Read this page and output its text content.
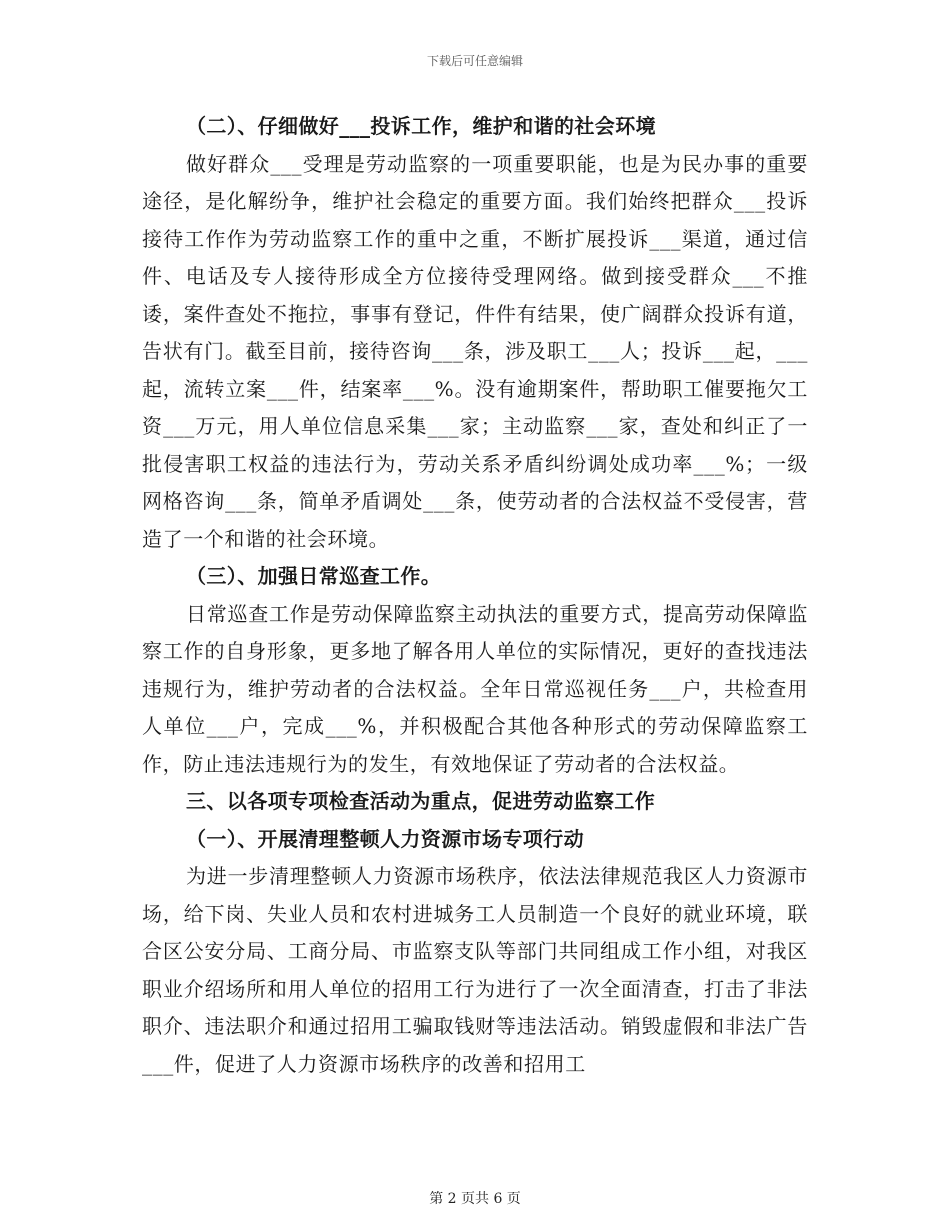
下载后可任意编辑

（二）、仔细做好___投诉工作，维护和谐的社会环境

做好群众___受理是劳动监察的一项重要职能，也是为民办事的重要途径，是化解纷争，维护社会稳定的重要方面。我们始终把群众___投诉接待工作作为劳动监察工作的重中之重，不断扩展投诉___渠道，通过信件、电话及专人接待形成全方位接待受理网络。做到接受群众___不推诿，案件查处不拖拉，事事有登记，件件有结果，使广阔群众投诉有道，告状有门。截至目前，接待咨询___条，涉及职工___人；投诉___起，___起，流转立案___件，结案率___%。没有逾期案件，帮助职工催要拖欠工资___万元，用人单位信息采集___家；主动监察___家，查处和纠正了一批侵害职工权益的违法行为，劳动关系矛盾纠纷调处成功率___%；一级网格咨询___条，简单矛盾调处___条，使劳动者的合法权益不受侵害，营造了一个和谐的社会环境。

（三）、加强日常巡查工作。

日常巡查工作是劳动保障监察主动执法的重要方式，提高劳动保障监察工作的自身形象，更多地了解各用人单位的实际情况，更好的查找违法违规行为，维护劳动者的合法权益。全年日常巡视任务___户，共检查用人单位___户，完成___%，并积极配合其他各种形式的劳动保障监察工作，防止违法违规行为的发生，有效地保证了劳动者的合法权益。

三、以各项专项检查活动为重点，促进劳动监察工作

（一）、开展清理整顿人力资源市场专项行动

为进一步清理整顿人力资源市场秩序，依法法律规范我区人力资源市场，给下岗、失业人员和农村进城务工人员制造一个良好的就业环境，联合区公安分局、工商分局、市监察支队等部门共同组成工作小组，对我区职业介绍场所和用人单位的招用工行为进行了一次全面清查，打击了非法职介、违法职介和通过招用工骗取钱财等违法活动。销毁虚假和非法广告___件，促进了人力资源市场秩序的改善和招用工

第 2 页共 6 页
